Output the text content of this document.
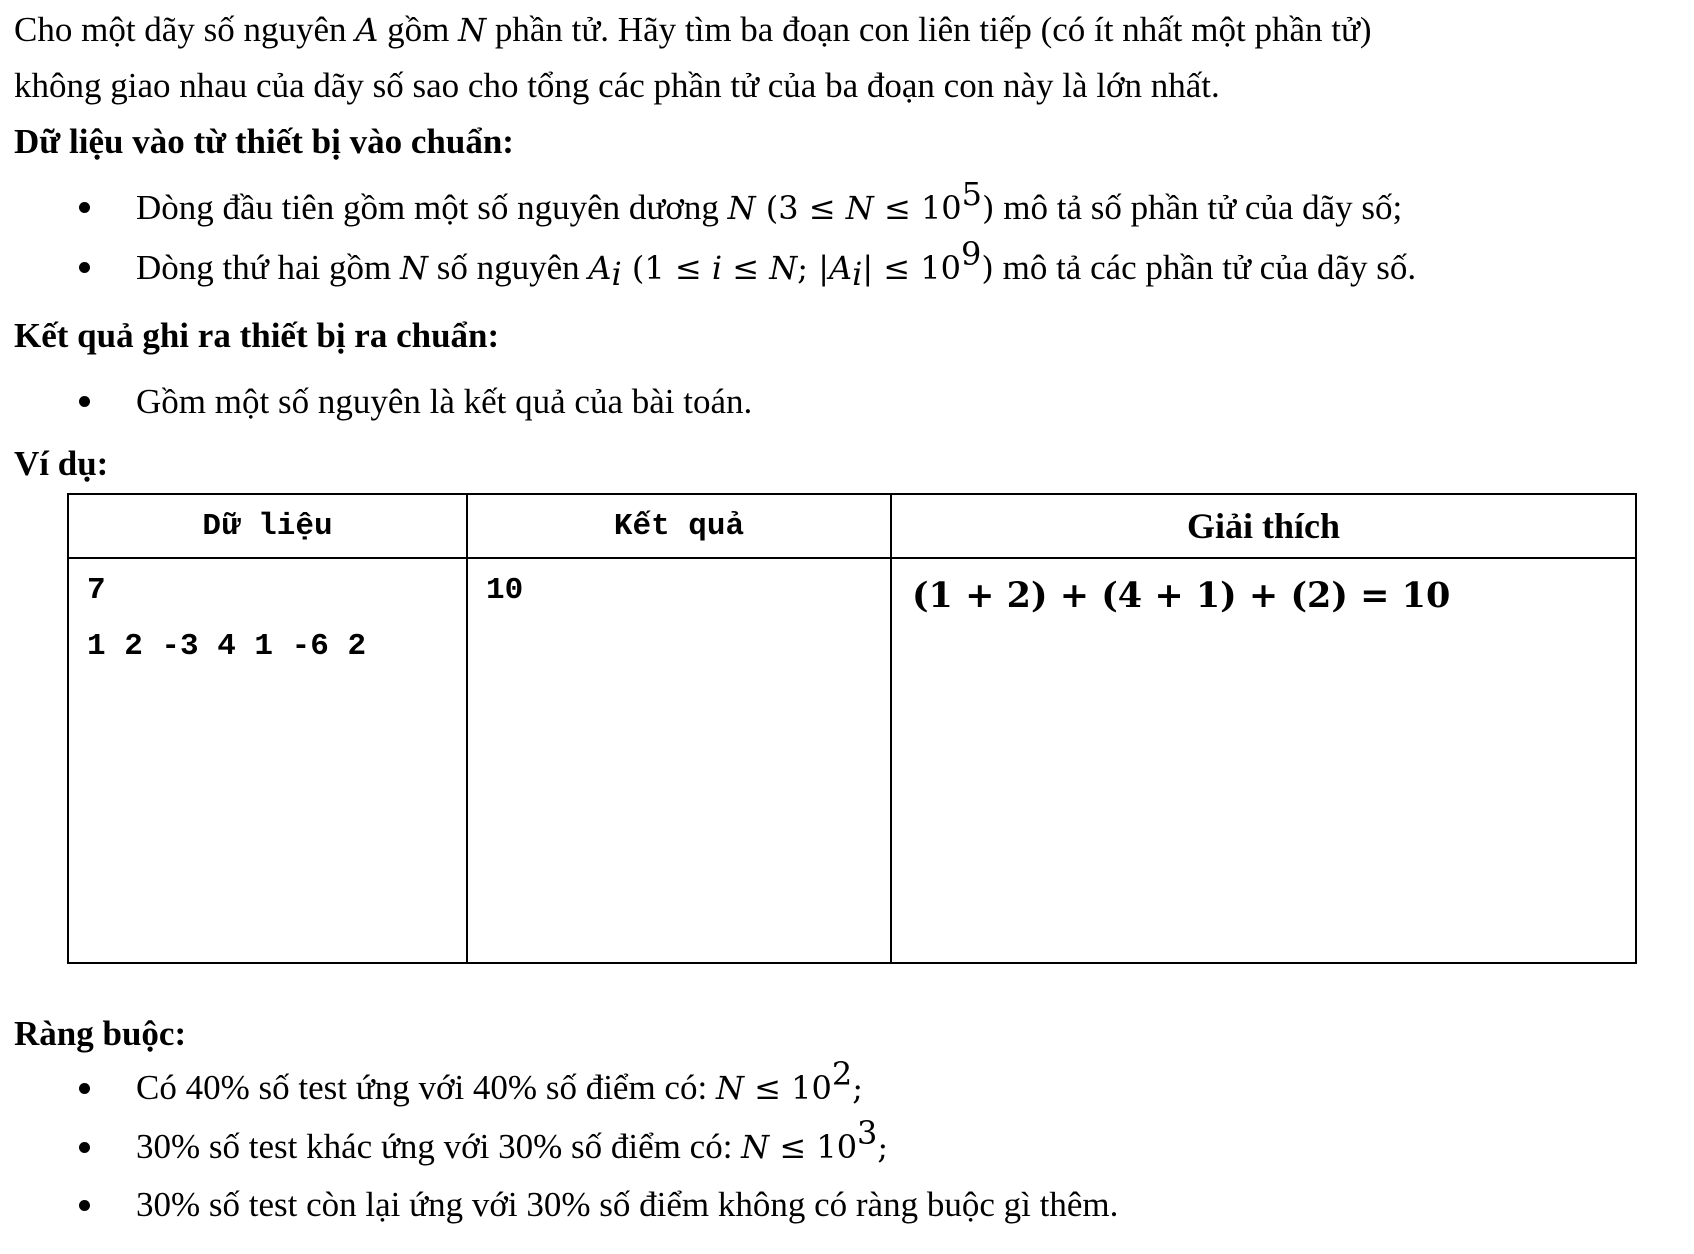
Cho một dãy số nguyên A gồm N phần tử. Hãy tìm ba đoạn con liên tiếp (có ít nhất một phần tử)
không giao nhau của dãy số sao cho tổng các phần tử của ba đoạn con này là lớn nhất.
Dữ liệu vào từ thiết bị vào chuẩn:
Dòng đầu tiên gồm một số nguyên dương N $(3 \le N \le 10^5)$ mô tả số phần tử của dãy số;
Dòng thứ hai gồm N số nguyên $A_i$ (1 ≤ i ≤ N; $|A_i| \le 10^9$) mô tả các phần tử của dãy số.
Kết quả ghi ra thiết bị ra chuẩn:
Gồm một số nguyên là kết quả của bài toán.
Ví dụ:
Dữ liệu	Kết quả	Giải thích

7
1 2 -3 4 1 -6 2	10	(1 + 2) + (4 + 1) + (2) = 10
Ràng buộc:
Có 40% số test ứng với 40% số điểm có: $N \le 10^2$;
30% số test khác ứng với 30% số điểm có: $N \le 10^3$;
30% số test còn lại ứng với 30% số điểm không có ràng buộc gì thêm.
